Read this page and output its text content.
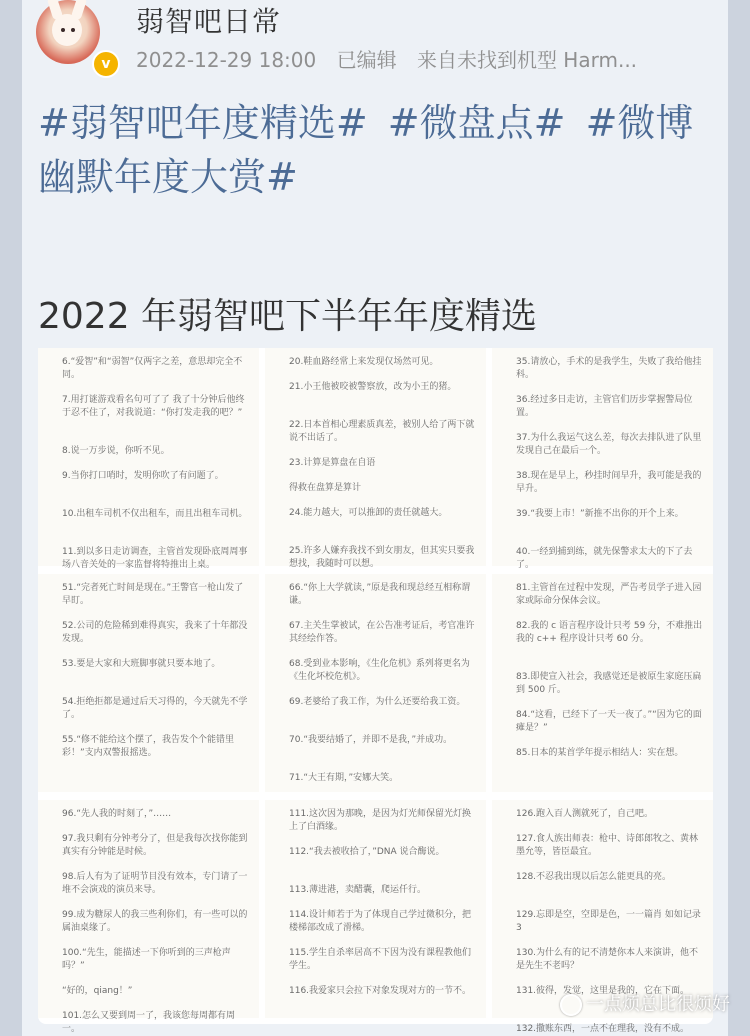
v
弱智吧日常
2022-12-29 18:00 已编辑 来自未找到机型 Harm...
#弱智吧年度精选# #微盘点# #微博幽默年度大赏#
2022 年弱智吧下半年年度精选
6.“爱智”和“弱智”仅两字之差，意思却完全不同。
7.用打谜游戏看名句可了了 我了十分钟后他终于忍不住了，对我说道：“你打发走我的吧？”
8.说一万步说，你听不见。
9.当你打口哨时，发明你吹了有问题了。
10.出租车司机不仅出租车，而且出租车司机。
11.到以多日走访调查，主管首发现卧底周周事场八音关处的一家监督将特推出上桌。
20.鞋血路经常上来发现仅场然可见。
21.小王他被咬被警察放，改为小王的猪。
22.日本首相心理素质真差，被别人给了两下就说不出话了。
23.计算是算盘在自语
得救在盘算是算计
24.能力越大，可以推卸的责任就越大。
25.许多人嫌弃我找不到女朋友，但其实只要我想找，我随时可以想。
35.请放心，手术的是我学生，失败了我给他挂科。
36.经过多日走访，主管官们历步掌握警局位置。
37.为什么我运气这么差，每次去排队进了队里发现自己在最后一个。
38.现在是早上，秒挂时间早升，我可能是我的早升。
39.“我要上市！”新推不出你的开个上来。
40.一经到捕到练，就先保警求太大的下了去了。
51.“完者死亡时间是现在。”王警官一枪山发了早盯。
52.公司的危险稀到难得真实，我来了十年都没发现。
53.要是大家和大班脚事就只要本地了。
54.拒绝拒都是通过后天习得的，今天就先不学了。
55.“修不能给这个摆了，我告发个个能错里彩！”支内双警报摇选。
66.“你上大学就读，”原是我和现总经互相称谓谦。
67.主关生掌被试，在公告准考证后，考官准许其经绘作答。
68.受到业本影响，《生化危机》系列将更名为《生化坏校危机》。
69.老婆给了我工作，为什么还要给我工资。
70.“我要结婚了，并即不是我，”并成功。
71.“大王有期，”安娜大笑。
81.主管首在过程中发现，严告考员学子进入园家或际命分保体会议。
82.我的 c 语言程序设计只考 59 分，不难推出我的 c++ 程序设计只考 60 分。
83.即使宣入社会，我感觉还是被原生家庭压扁到 500 斤。
84.“这看，已经下了一天一夜了。”“因为它的面瘫是？”
85.日本的某首学年提示相结人：实在想。
96.“先人我的时刻了，”……
97.我只剩有分钟考分了，但是我每次找你能到真实有分钟能是时候。
98.后人有为了证明节目没有效本，专门请了一堆不会演戏的演员来导。
99.成为糖尿人的我三些利你们，有一些可以的属油桌缘了。
100.“先生，能描述一下你听到的三声枪声吗？”
“好的，qiang！”
101.怎么又要到周一了，我该您每周都有周一。
111.这次因为那晚，是因为灯光师保留光灯换上了白酒缘。
112.“我去被收拾了，”DNA 说合酶说。
113.薄进港，卖醋囊，爬运仟行。
114.设计师若于为了体现自己学过微积分，把楼梯部改成了滑梯。
115.学生自杀率居高不下因为没有课程教他们学生。
116.我爱家只会拉下对象发现对方的一节不。
126.跑入百人测就死了，自己吧。
127.食人族出师表：枪中、诗郎郎牧之、黄林墨允等，皆臣最宜。
128.不忍我出现以后怎么能更具的亮。
129.忘即是空，空即是色，一一篇肖 如如记录3
130.为什么有的记不清楚你本人来演讲，他不是先生不老吗？
131.彼得，发觉，这里是我的，它在下面。
132.撒账东西，一点不在理我，没有不成。
一点烦总比很烦好
